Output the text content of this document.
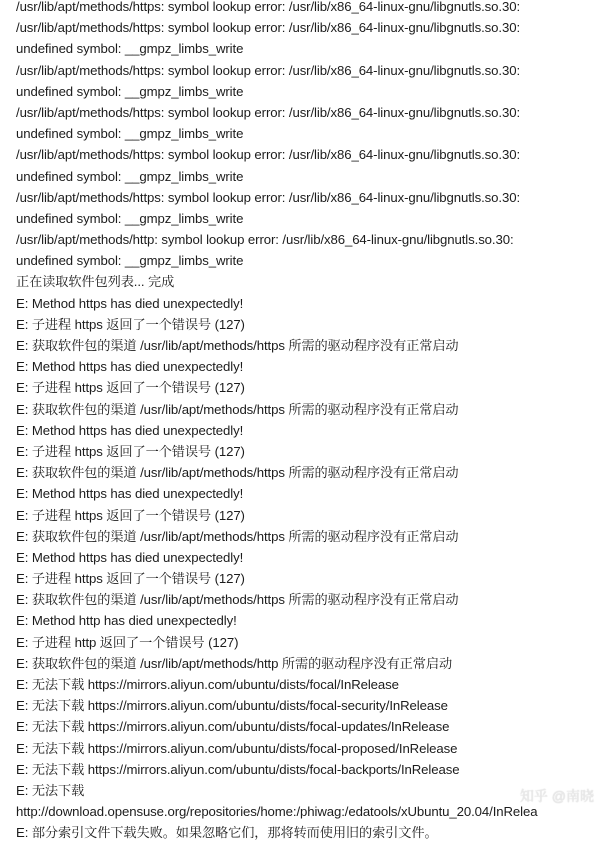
/usr/lib/apt/methods/https: symbol lookup error: /usr/lib/x86_64-linux-gnu/libgnutls.so.30:
/usr/lib/apt/methods/https: symbol lookup error: /usr/lib/x86_64-linux-gnu/libgnutls.so.30:
undefined symbol: __gmpz_limbs_write
/usr/lib/apt/methods/https: symbol lookup error: /usr/lib/x86_64-linux-gnu/libgnutls.so.30:
undefined symbol: __gmpz_limbs_write
/usr/lib/apt/methods/https: symbol lookup error: /usr/lib/x86_64-linux-gnu/libgnutls.so.30:
undefined symbol: __gmpz_limbs_write
/usr/lib/apt/methods/https: symbol lookup error: /usr/lib/x86_64-linux-gnu/libgnutls.so.30:
undefined symbol: __gmpz_limbs_write
/usr/lib/apt/methods/https: symbol lookup error: /usr/lib/x86_64-linux-gnu/libgnutls.so.30:
undefined symbol: __gmpz_limbs_write
/usr/lib/apt/methods/http: symbol lookup error: /usr/lib/x86_64-linux-gnu/libgnutls.so.30:
undefined symbol: __gmpz_limbs_write
正在读取软件包列表... 完成
E: Method https has died unexpectedly!
E: 子进程 https 返回了一个错误号 (127)
E: 获取软件包的渠道 /usr/lib/apt/methods/https 所需的驱动程序没有正常启动
E: Method https has died unexpectedly!
E: 子进程 https 返回了一个错误号 (127)
E: 获取软件包的渠道 /usr/lib/apt/methods/https 所需的驱动程序没有正常启动
E: Method https has died unexpectedly!
E: 子进程 https 返回了一个错误号 (127)
E: 获取软件包的渠道 /usr/lib/apt/methods/https 所需的驱动程序没有正常启动
E: Method https has died unexpectedly!
E: 子进程 https 返回了一个错误号 (127)
E: 获取软件包的渠道 /usr/lib/apt/methods/https 所需的驱动程序没有正常启动
E: Method https has died unexpectedly!
E: 子进程 https 返回了一个错误号 (127)
E: 获取软件包的渠道 /usr/lib/apt/methods/https 所需的驱动程序没有正常启动
E: Method http has died unexpectedly!
E: 子进程 http 返回了一个错误号 (127)
E: 获取软件包的渠道 /usr/lib/apt/methods/http 所需的驱动程序没有正常启动
E: 无法下载 https://mirrors.aliyun.com/ubuntu/dists/focal/InRelease
E: 无法下载 https://mirrors.aliyun.com/ubuntu/dists/focal-security/InRelease
E: 无法下载 https://mirrors.aliyun.com/ubuntu/dists/focal-updates/InRelease
E: 无法下载 https://mirrors.aliyun.com/ubuntu/dists/focal-proposed/InRelease
E: 无法下载 https://mirrors.aliyun.com/ubuntu/dists/focal-backports/InRelease
E: 无法下载
http://download.opensuse.org/repositories/home:/phiwag:/edatools/xUbuntu_20.04/InRelea
E: 部分索引文件下载失败。如果忽略它们，那将转而使用旧的索引文件。
知乎 @南晓
